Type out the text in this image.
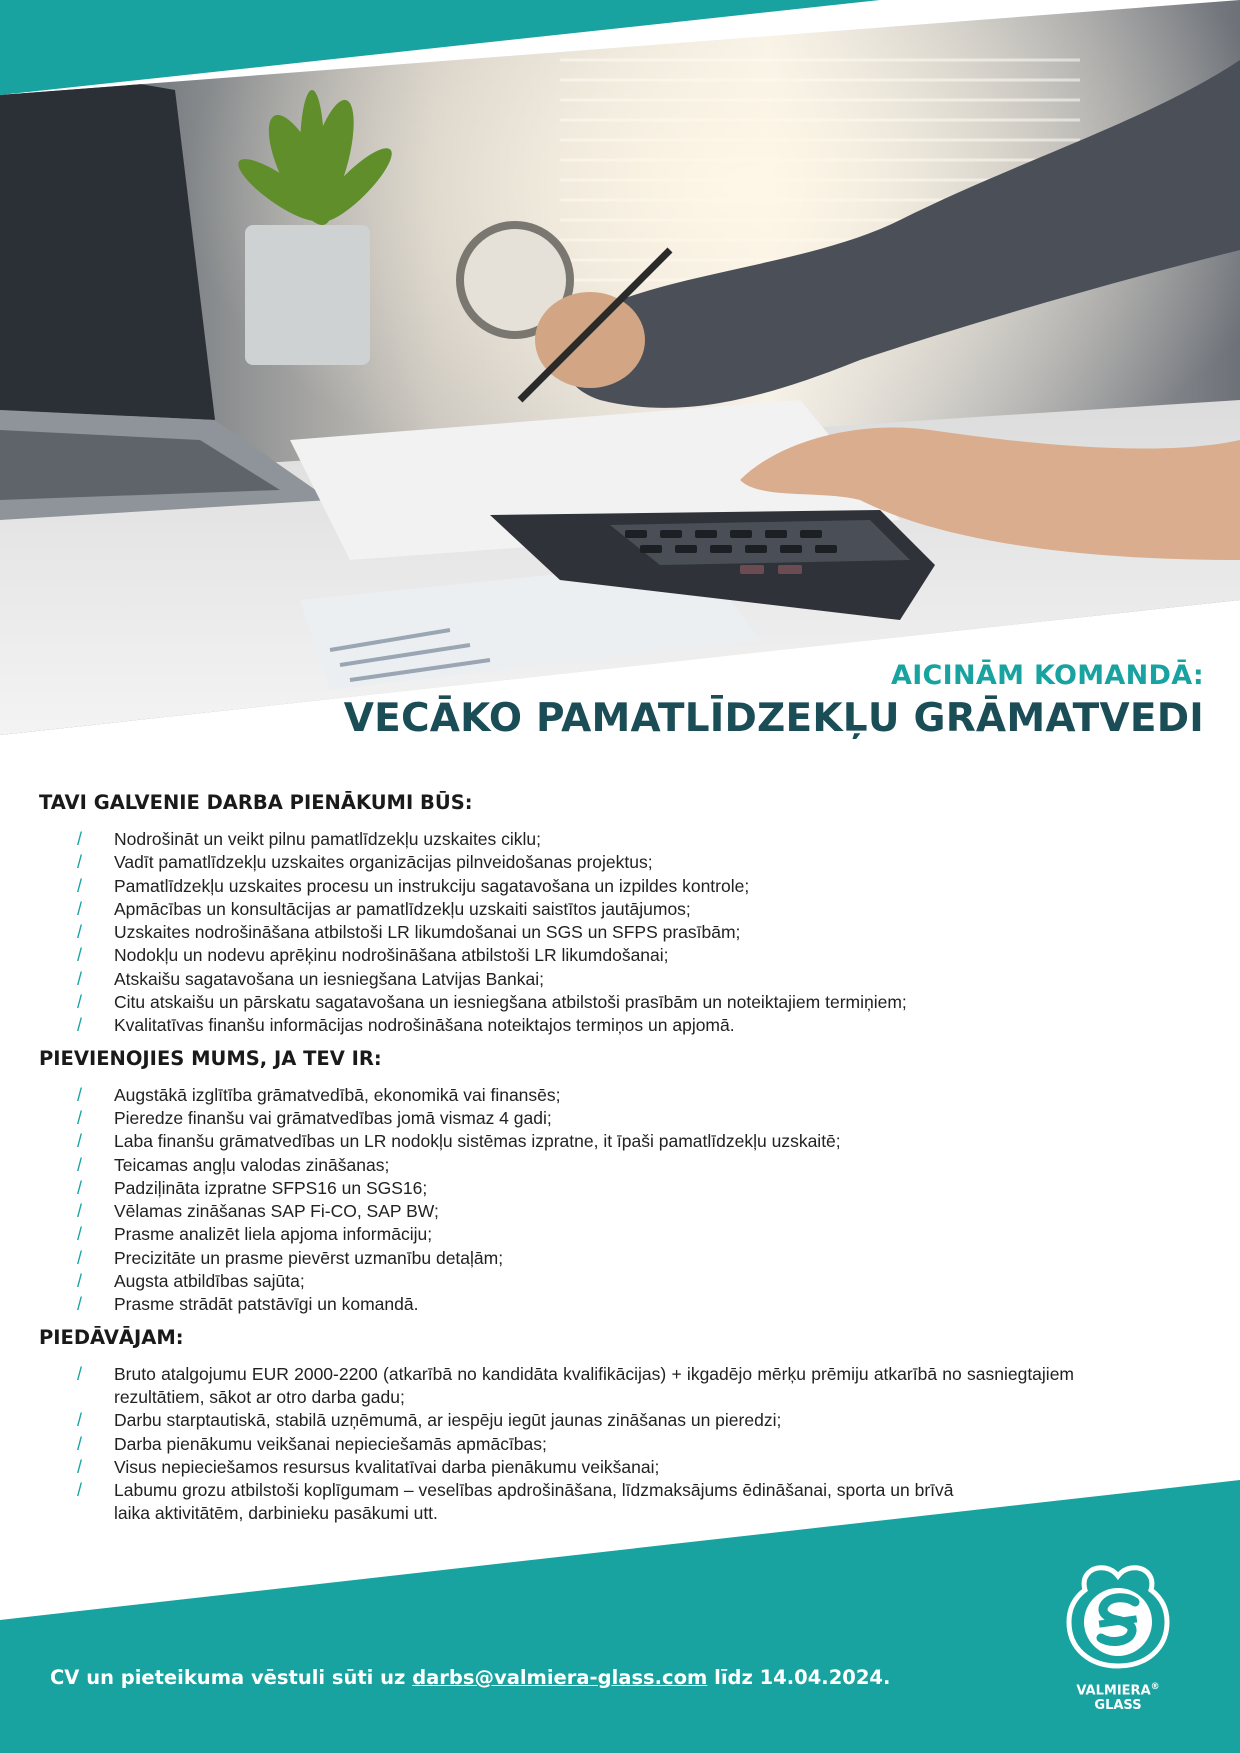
AICINĀM KOMANDĀ:
VECĀKO PAMATLĪDZEKĻU GRĀMATVEDI
TAVI GALVENIE DARBA PIENĀKUMI BŪS:
/ Nodrošināt un veikt pilnu pamatlīdzekļu uzskaites ciklu;
/ Vadīt pamatlīdzekļu uzskaites organizācijas pilnveidošanas projektus;
/ Pamatlīdzekļu uzskaites procesu un instrukciju sagatavošana un izpildes kontrole;
/ Apmācības un konsultācijas ar pamatlīdzekļu uzskaiti saistītos jautājumos;
/ Uzskaites nodrošināšana atbilstoši LR likumdošanai un SGS un SFPS prasībām;
/ Nodokļu un nodevu aprēķinu nodrošināšana atbilstoši LR likumdošanai;
/ Atskaišu sagatavošana un iesniegšana Latvijas Bankai;
/ Citu atskaišu un pārskatu sagatavošana un iesniegšana atbilstoši prasībām un noteiktajiem termiņiem;
/ Kvalitatīvas finanšu informācijas nodrošināšana noteiktajos termiņos un apjomā.
PIEVIENOJIES MUMS, JA TEV IR:
/ Augstākā izglītība grāmatvedībā, ekonomikā vai finansēs;
/ Pieredze finanšu vai grāmatvedības jomā vismaz 4 gadi;
/ Laba finanšu grāmatvedības un LR nodokļu sistēmas izpratne, it īpaši pamatlīdzekļu uzskaitē;
/ Teicamas angļu valodas zināšanas;
/ Padziļināta izpratne SFPS16 un SGS16;
/ Vēlamas zināšanas SAP Fi-CO, SAP BW;
/ Prasme analizēt liela apjoma informāciju;
/ Precizitāte un prasme pievērst uzmanību detaļām;
/ Augsta atbildības sajūta;
/ Prasme strādāt patstāvīgi un komandā.
PIEDĀVĀJAM:
/ Bruto atalgojumu EUR 2000-2200 (atkarībā no kandidāta kvalifikācijas) + ikgadējo mērķu prēmiju atkarībā no sasniegtajiem rezultātiem, sākot ar otro darba gadu;
/ Darbu starptautiskā, stabilā uzņēmumā, ar iespēju iegūt jaunas zināšanas un pieredzi;
/ Darba pienākumu veikšanai nepieciešamās apmācības;
/ Visus nepieciešamos resursus kvalitatīvai darba pienākumu veikšanai;
/ Labumu grozu atbilstoši koplīgumam – veselības apdrošināšana, līdzmaksājums ēdināšanai, sporta un brīvā laika aktivitātēm, darbinieku pasākumi utt.
CV un pieteikuma vēstuli sūti uz darbs@valmiera-glass.com līdz 14.04.2024.
VALMIERA®
GLASS
